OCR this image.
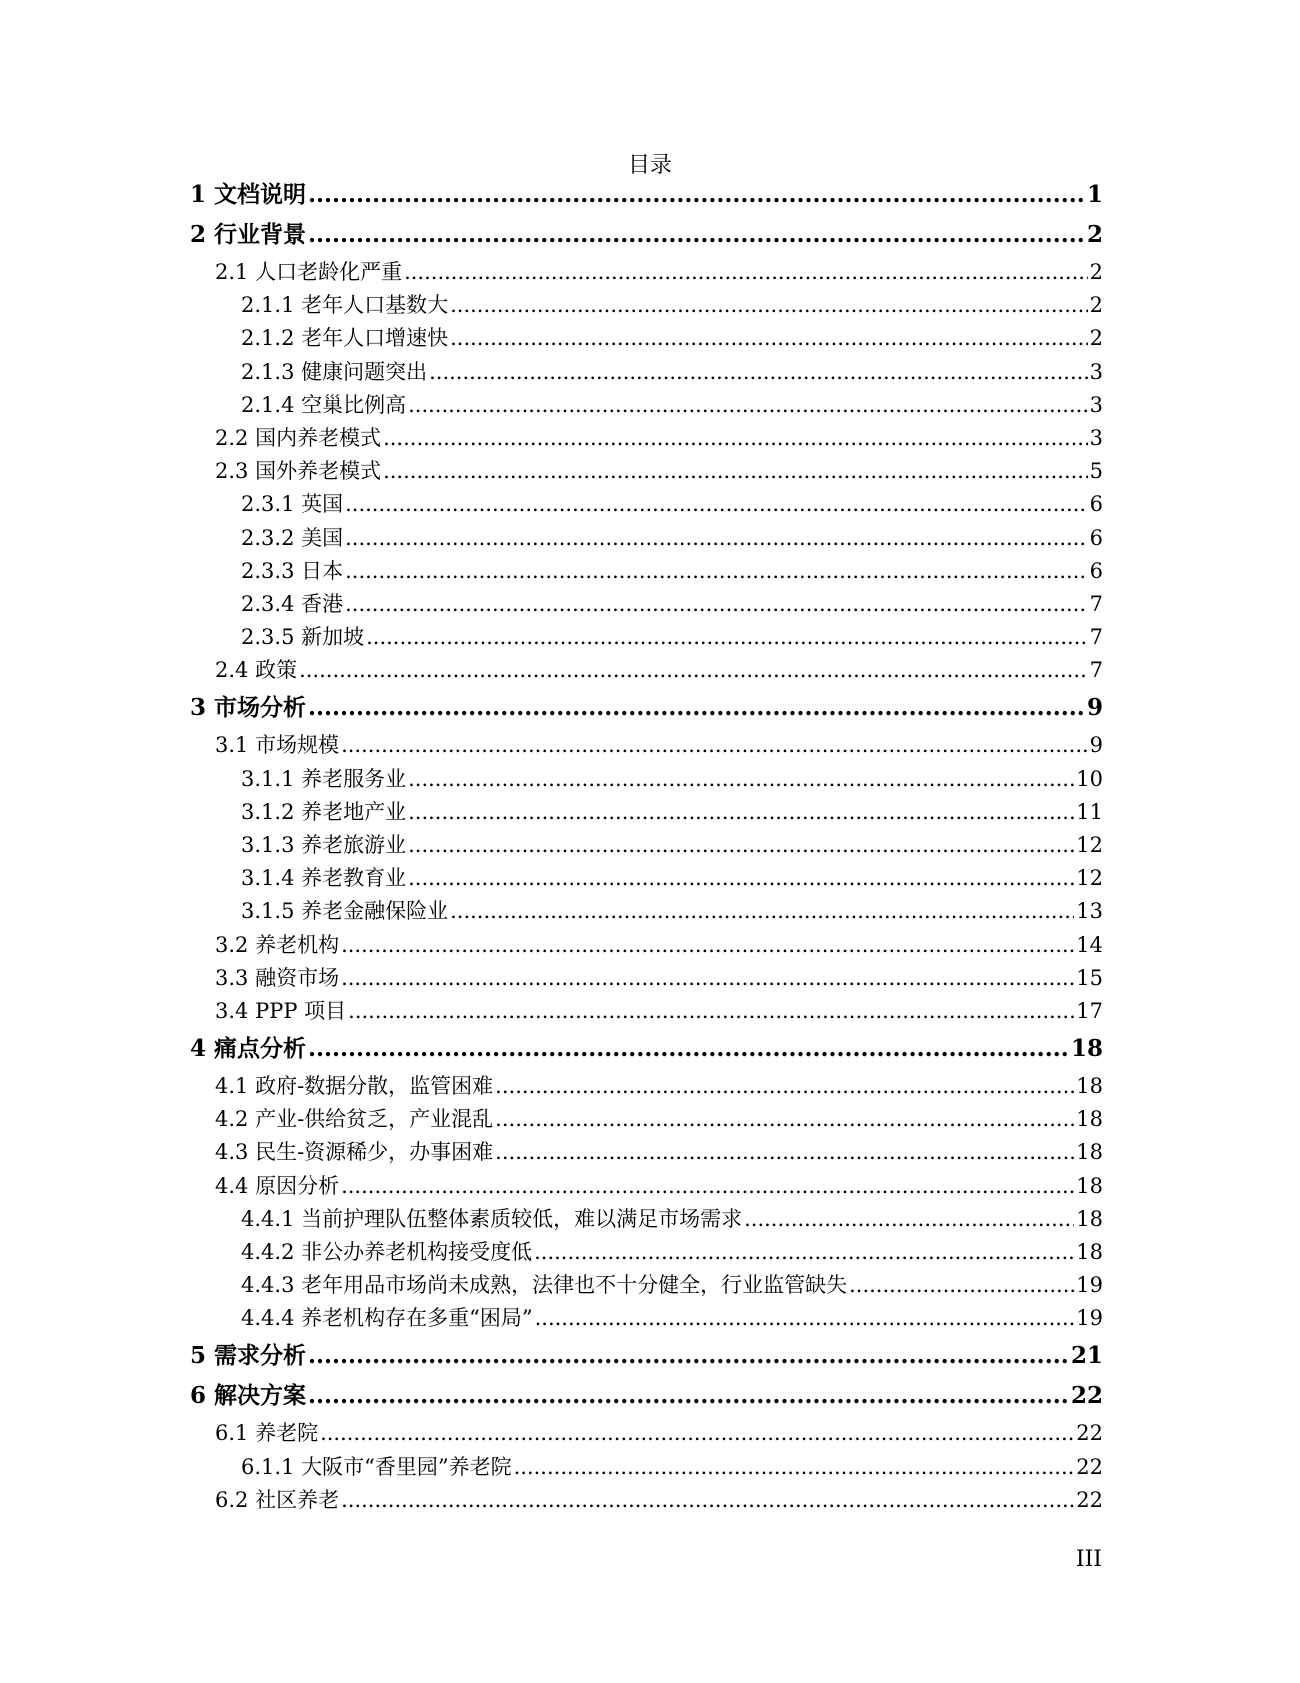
目录
1 文档说明 .....	1
2 行业背景 .....	2
2.1 人口老龄化严重 .....	2
2.1.1 老年人口基数大 .....	2
2.1.2 老年人口增速快 .....	2
2.1.3 健康问题突出 .....	3
2.1.4 空巢比例高 .....	3
2.2 国内养老模式 .....	3
2.3 国外养老模式 .....	5
2.3.1 英国 .....	6
2.3.2 美国 .....	6
2.3.3 日本 .....	6
2.3.4 香港 .....	7
2.3.5 新加坡 .....	7
2.4 政策 .....	7
3 市场分析 .....	9
3.1 市场规模 .....	9
3.1.1 养老服务业 .....	10
3.1.2 养老地产业 .....	11
3.1.3 养老旅游业 .....	12
3.1.4 养老教育业 .....	12
3.1.5 养老金融保险业 .....	13
3.2 养老机构 .....	14
3.3 融资市场 .....	15
3.4 PPP 项目 .....	17
4 痛点分析 .....	18
4.1 政府-数据分散，监管困难 .....	18
4.2 产业-供给贫乏，产业混乱 .....	18
4.3 民生-资源稀少，办事困难 .....	18
4.4 原因分析 .....	18
4.4.1 当前护理队伍整体素质较低，难以满足市场需求 .....	18
4.4.2 非公办养老机构接受度低 .....	18
4.4.3 老年用品市场尚未成熟，法律也不十分健全，行业监管缺失 .....	19
4.4.4 养老机构存在多重“困局” .....	19
5 需求分析 .....	21
6 解决方案 .....	22
6.1 养老院 .....	22
6.1.1 大阪市“香里园”养老院 .....	22
6.2 社区养老 .....	22
III
